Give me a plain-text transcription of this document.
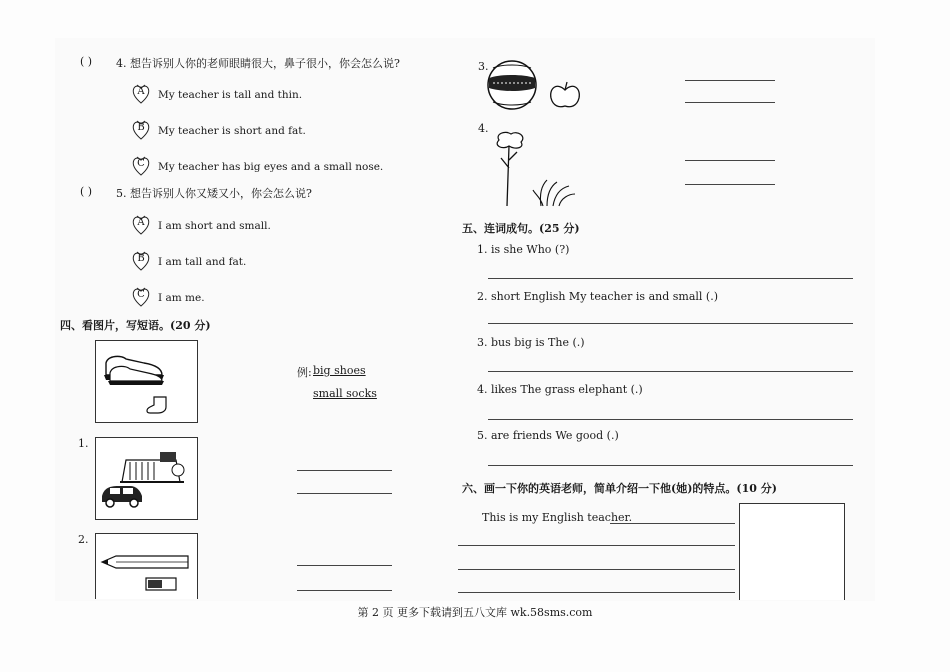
( ) 4. 想告诉别人你的老师眼睛很大，鼻子很小，你会怎么说?
A	My teacher is tall and thin.
B	My teacher is short and fat.
C	My teacher has big eyes and a small nose.
( ) 5. 想告诉别人你又矮又小，你会怎么说?
A	I am short and small.
B	I am tall and fat.
C	I am me.
四、看图片，写短语。(20 分)
例: big shoes
small socks
1.
2.
3.
4.
五、连词成句。(25 分)
1. is she Who (?)
2. short English My teacher is and small (.)
3. bus big is The (.)
4. likes The grass elephant (.)
5. are friends We good (.)
六、画一下你的英语老师，简单介绍一下他(她)的特点。(10 分)
This is my English teacher.
第 2 页 更多下载请到五八文库 wk.58sms.com
